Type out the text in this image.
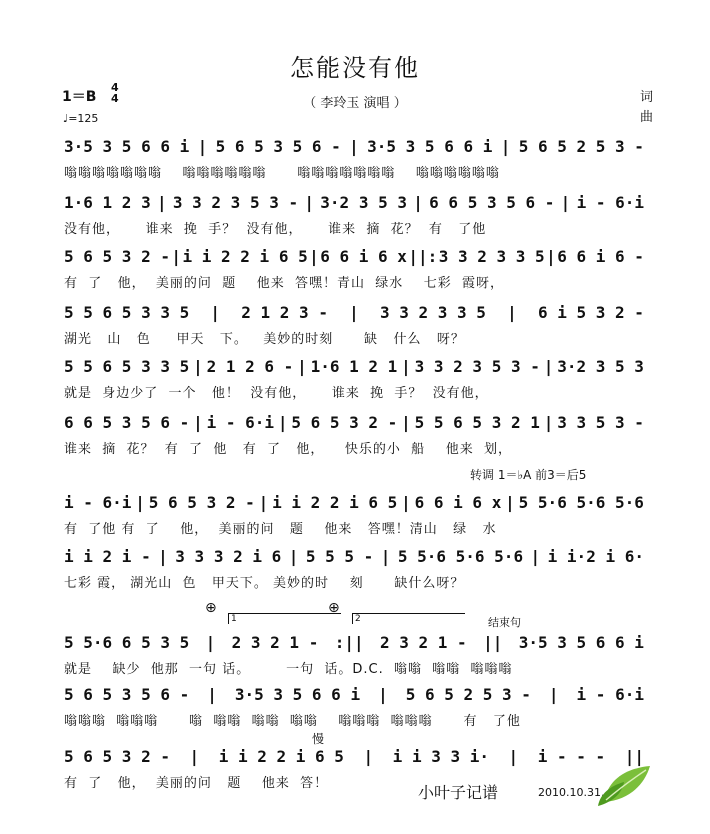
怎能没有他
（ 李玲玉 演唱 ）
1＝B
4
4
♩=125
词
曲
3·5 3 5 6 6 i | 5 6 5 3 5 6 - | 3·5 3 5 6 6 i | 5 6 5 2 5 3 -
嗡嗡嗡嗡嗡嗡嗡    嗡嗡嗡嗡嗡嗡      嗡嗡嗡嗡嗡嗡嗡    嗡嗡嗡嗡嗡嗡
1·6 1 2 3 | 3 3 2 3 5 3 - | 3·2 3 5 3 | 6 6 5 3 5 6 - | i - 6·i
没有他，     谁来  挽  手？  没有他，     谁来  摘  花？  有   了他
5 6 5 3 2 - | i i 2 2 i 6 5 | 6 6 i 6 x ||: 3 3 2 3 3 5 | 6 6 i 6 -
有  了   他，  美丽的问  题    他来  答嘿！青山  绿水    七彩  霞呀，
5 5 6 5 3 3 5 | 2 1 2 3 - | 3 3 2 3 3 5 | 6 i 5 3 2 -
湖光   山   色     甲天   下。   美妙的时刻      缺   什么   呀？
5 5 6 5 3 3 5 | 2 1 2 6 - | 1·6 1 2 1 | 3 3 2 3 5 3 - | 3·2 3 5 3
就是  身边少了  一个   他！  没有他，     谁来  挽  手？  没有他，
6 6 5 3 5 6 - | i - 6·i | 5 6 5 3 2 - | 5 5 6 5 3 2 1 | 3 3 5 3 -
谁来  摘  花？  有  了  他   有  了   他，    快乐的小  船    他来  划，
i - 6·i | 5 6 5 3 2 - | i i 2 2 i 6 5 | 6 6 i 6 x | 5 5·6 5·6 5·6
有  了他 有  了    他，  美丽的问   题    他来   答嘿！清山   绿   水
i i 2 i - | 3 3 3 2 i 6 | 5 5 5 - | 5 5·6 5·6 5·6 | i i·2 i 6·
七彩 霞， 湖光山  色   甲天下。 美妙的时    刻      缺什么呀？
5 5·6 6 5 3 5 | 2 3 2 1 - :|| 2 3 2 1 - || 3·5 3 5 6 6 i
就是    缺少  他那  一句 话。       一句  话。D.C.  嗡嗡  嗡嗡  嗡嗡嗡
5 6 5 3 5 6 - | 3·5 3 5 6 6 i | 5 6 5 2 5 3 - | i - 6·i
嗡嗡嗡  嗡嗡嗡      嗡  嗡嗡  嗡嗡  嗡嗡    嗡嗡嗡  嗡嗡嗡      有   了他
5 6 5 3 2 - | i i 2 2 i 6 5 | i i 3 3 i· | i - - - ||
有  了   他，  美丽的问   题    他来  答！
转调 1＝♭A 前3＝后5
⊕	⊕
1	2	结束句
慢
小叶子记谱	2010.10.31.
